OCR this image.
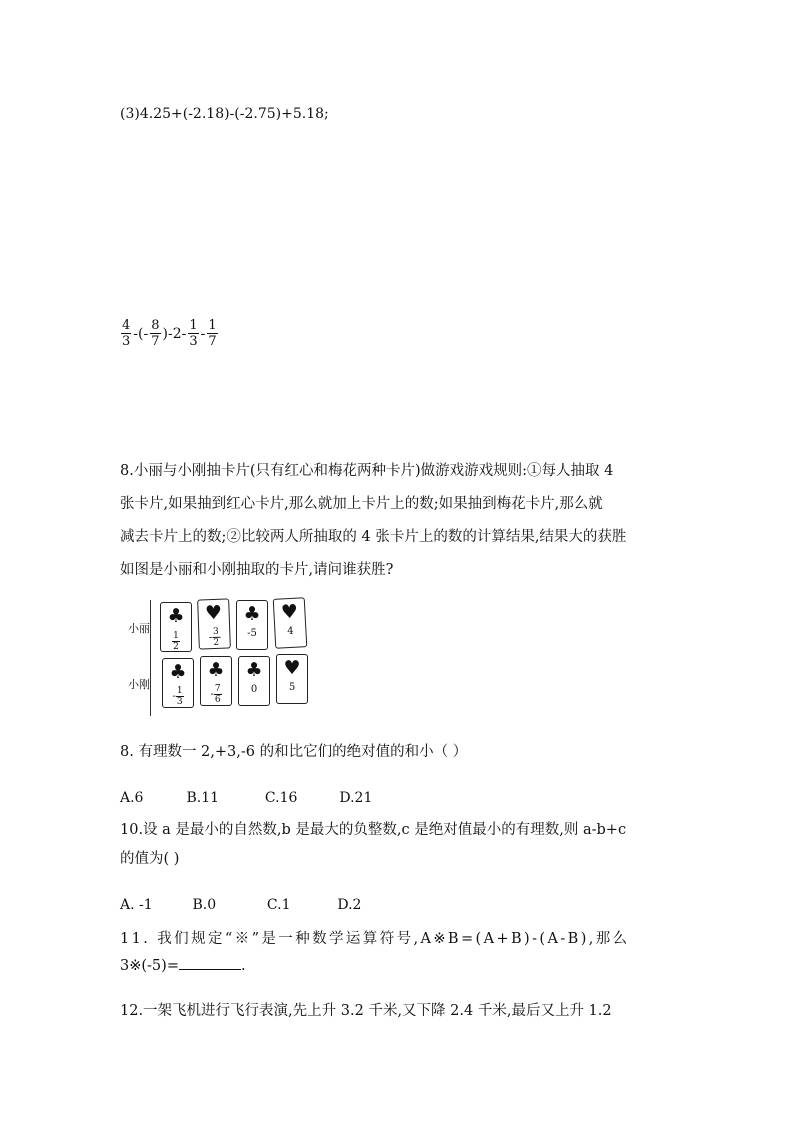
(3)4.25+(-2.18)-(-2.75)+5.18;
$\frac{4}{3}$ -(- $\frac{8}{7} )-2- \frac{1}{3} - \frac{1}{7}$

8.小丽与小刚抽卡片(只有红心和梅花两种卡片)做游戏游戏规则:①每人抽取 4

张卡片,如果抽到红心卡片,那么就加上卡片上的数;如果抽到梅花卡片,那么就

减去卡片上的数;②比较两人所抽取的 4 张卡片上的数的计算结果,结果大的获胜

如图是小丽和小刚抽取的卡片,请问谁获胜?

小丽
小刚
♣
$\frac{1}{2}$
♥
-
3
2
♣
-5
♥
4
♣
- 1
3
♣
- 7
6
♣
0
♥
5
8. 有理数一 2,+3,-6 的和比它们的绝对值的和小（ ）
A.6	B.11	C.16	D.21
10.设 a 是最小的自然数,b 是最大的负整数,c 是绝对值最小的有理数,则 a-b+c
的值为( )
A. -1	B.0	C.1	D.2
11. 我们规定“※”是一种数学运算符号,A※B=(A+B)-(A-B),那么
3※(-5)=	.
12.一架飞机进行飞行表演,先上升 3.2 千米,又下降 2.4 千米,最后又上升 1.2
